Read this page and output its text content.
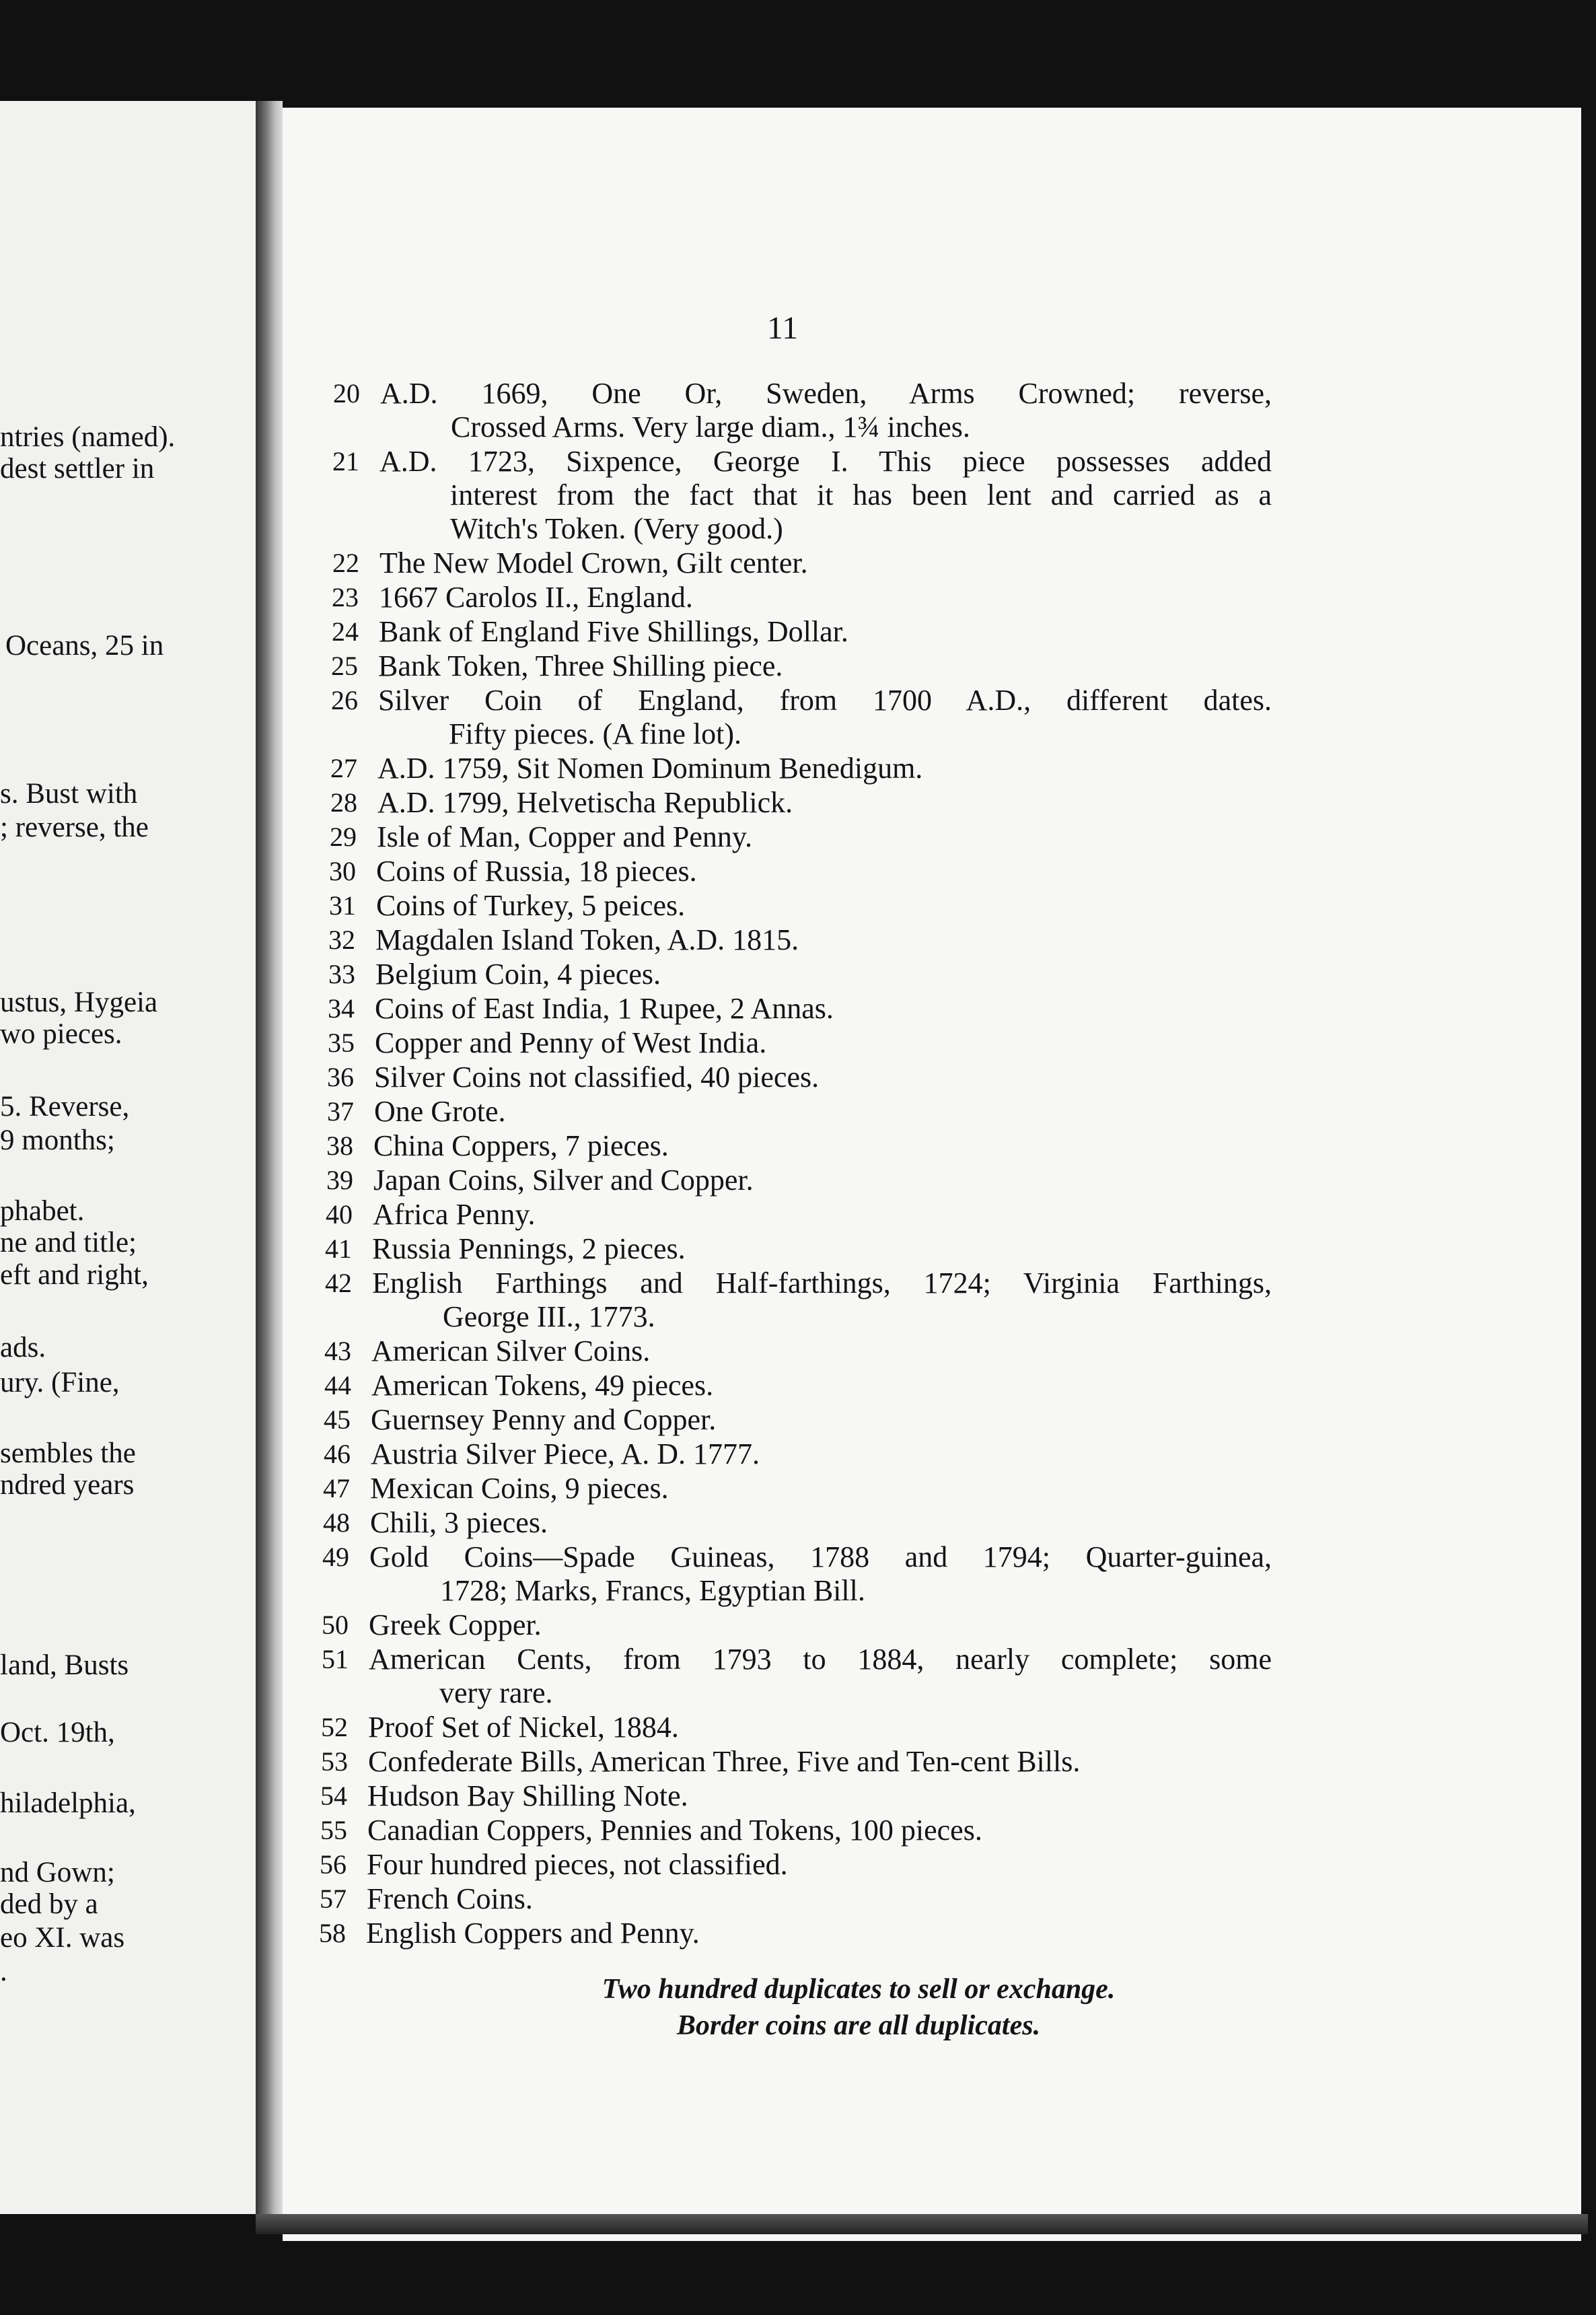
ntries (named).
dest settler in
Oceans, 25 in
s. Bust with
; reverse, the
ustus, Hygeia
wo pieces.
5. Reverse,
9 months;
phabet.
ne and title;
eft and right,
ads.
ury. (Fine,
sembles the
ndred years
land, Busts
Oct. 19th,
hiladelphia,
nd Gown;
ded by a
eo XI. was
.
11
20 A.D. 1669, One Or, Sweden, Arms Crowned; reverse,
Crossed Arms. Very large diam., 1¾ inches.
21 A.D. 1723, Sixpence, George I. This piece possesses added
interest from the fact that it has been lent and carried as a
Witch's Token. (Very good.)
22 The New Model Crown, Gilt center.
23 1667 Carolos II., England.
24 Bank of England Five Shillings, Dollar.
25 Bank Token, Three Shilling piece.
26 Silver Coin of England, from 1700 A.D., different dates.
Fifty pieces. (A fine lot).
27 A.D. 1759, Sit Nomen Dominum Benedigum.
28 A.D. 1799, Helvetischa Republick.
29 Isle of Man, Copper and Penny.
30 Coins of Russia, 18 pieces.
31 Coins of Turkey, 5 peices.
32 Magdalen Island Token, A.D. 1815.
33 Belgium Coin, 4 pieces.
34 Coins of East India, 1 Rupee, 2 Annas.
35 Copper and Penny of West India.
36 Silver Coins not classified, 40 pieces.
37 One Grote.
38 China Coppers, 7 pieces.
39 Japan Coins, Silver and Copper.
40 Africa Penny.
41 Russia Pennings, 2 pieces.
42 English Farthings and Half-farthings, 1724; Virginia Farthings,
George III., 1773.
43 American Silver Coins.
44 American Tokens, 49 pieces.
45 Guernsey Penny and Copper.
46 Austria Silver Piece, A. D. 1777.
47 Mexican Coins, 9 pieces.
48 Chili, 3 pieces.
49 Gold Coins—Spade Guineas, 1788 and 1794; Quarter-guinea,
1728; Marks, Francs, Egyptian Bill.
50 Greek Copper.
51 American Cents, from 1793 to 1884, nearly complete; some
very rare.
52 Proof Set of Nickel, 1884.
53 Confederate Bills, American Three, Five and Ten-cent Bills.
54 Hudson Bay Shilling Note.
55 Canadian Coppers, Pennies and Tokens, 100 pieces.
56 Four hundred pieces, not classified.
57 French Coins.
58 English Coppers and Penny.
Two hundred duplicates to sell or exchange.
Border coins are all duplicates.
